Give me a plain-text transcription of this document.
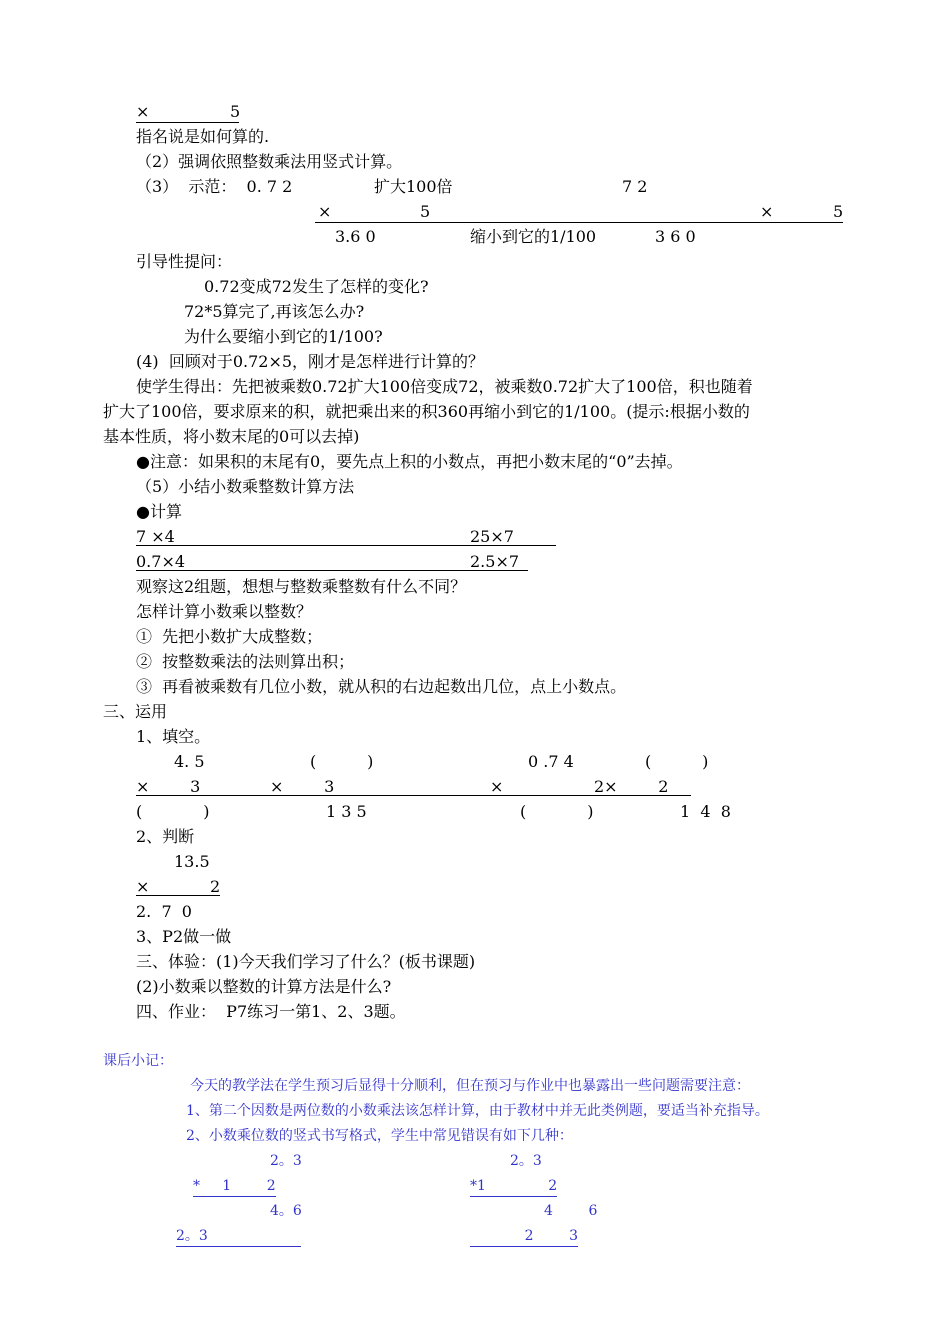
×	5
指名说是如何算的.
（2）强调依照整数乘法用竖式计算。
（3）  示范：  0. 7 2	扩大100倍	7 2
×	5	×	5
3.6 0	缩小到它的1/100	3 6 0
引导性提问：
0.72变成72发生了怎样的变化?
72*5算完了,再该怎么办?
为什么要缩小到它的1/100?
(4)  回顾对于0.72×5，刚才是怎样进行计算的？
使学生得出：先把被乘数0.72扩大100倍变成72，被乘数0.72扩大了100倍，积也随着
扩大了100倍，要求原来的积，就把乘出来的积360再缩小到它的1/100。(提示:根据小数的
基本性质，将小数末尾的0可以去掉)
●注意：如果积的末尾有0，要先点上积的小数点，再把小数末尾的“0”去掉。
（5）小结小数乘整数计算方法
●计算
7 ×4	25×7
0.7×4	2.5×7
观察这2组题，想想与整数乘整数有什么不同？
怎样计算小数乘以整数？
①  先把小数扩大成整数；
②  按整数乘法的法则算出积；
③  再看被乘数有几位小数，就从积的右边起数出几位，点上小数点。
三、运用
1、填空。
4. 5	(          )	0 .7 4	(          )
×        3	×        3	×	2×        2
(            )	1 3 5	(            )	1  4  8
2、判断
13.5
×	2
2.  7  0
3、P2做一做
三、体验：(1)今天我们学习了什么？(板书课题)
(2)小数乘以整数的计算方法是什么?
四、作业：  P7练习一第1、2、3题。
课后小记：
今天的教学法在学生预习后显得十分顺利，但在预习与作业中也暴露出一些问题需要注意：
1、第二个因数是两位数的小数乘法该怎样计算，由于教材中并无此类例题，要适当补充指导。
2、小数乘位数的竖式书写格式，学生中常见错误有如下几种：
2。3
*     1        2
4。6
2。3
2。3
*1              2
4        6
2        3
